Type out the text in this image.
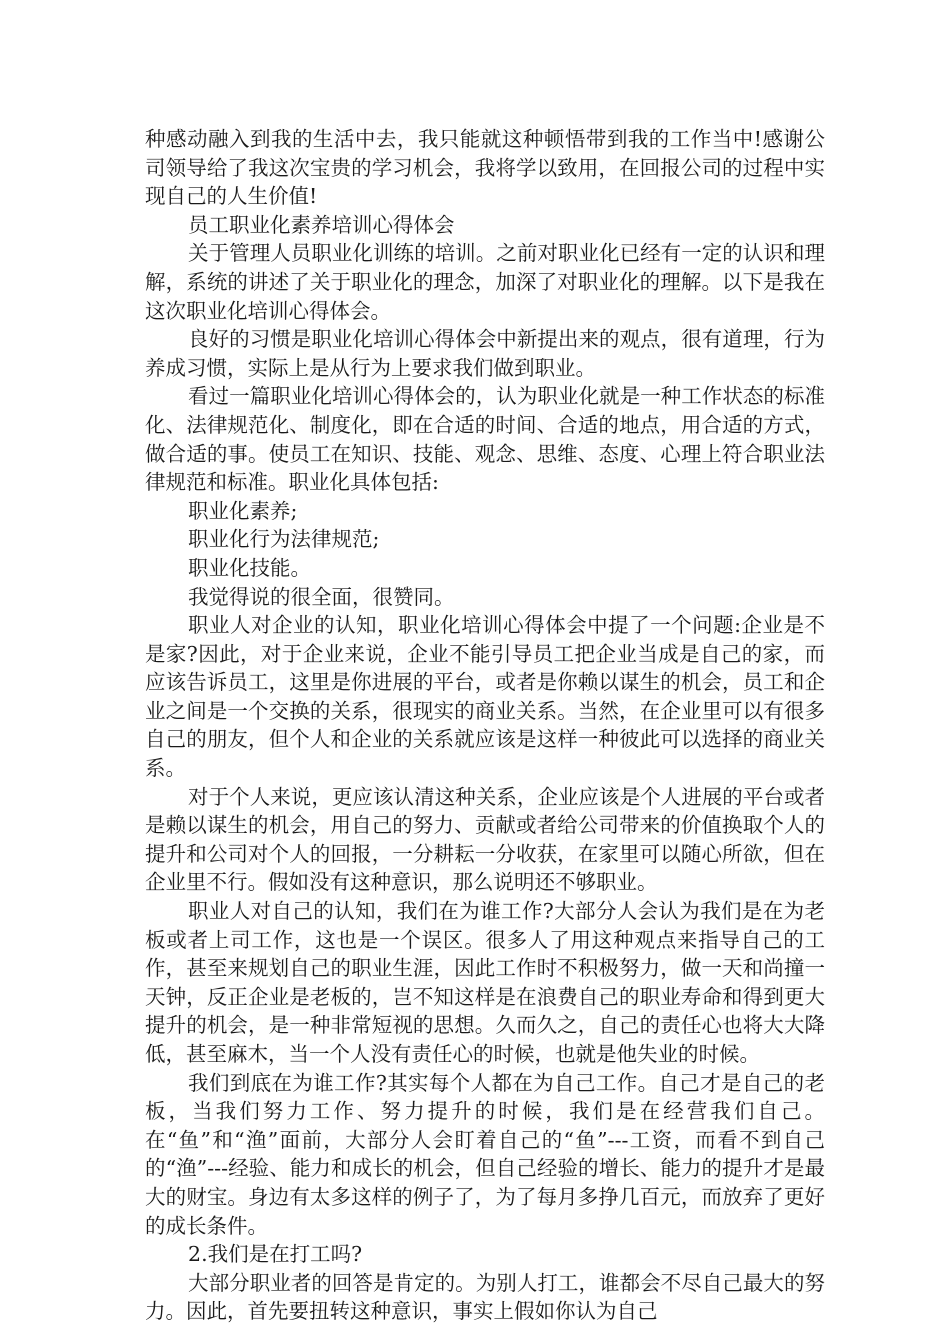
种感动融入到我的生活中去，我只能就这种顿悟带到我的工作当中!感谢公司领导给了我这次宝贵的学习机会，我将学以致用，在回报公司的过程中实现自己的人生价值!

员工职业化素养培训心得体会

关于管理人员职业化训练的培训。之前对职业化已经有一定的认识和理解，系统的讲述了关于职业化的理念，加深了对职业化的理解。以下是我在这次职业化培训心得体会。

良好的习惯是职业化培训心得体会中新提出来的观点，很有道理，行为养成习惯，实际上是从行为上要求我们做到职业。

看过一篇职业化培训心得体会的，认为职业化就是一种工作状态的标准化、法律规范化、制度化，即在合适的时间、合适的地点，用合适的方式，做合适的事。使员工在知识、技能、观念、思维、态度、心理上符合职业法律规范和标准。职业化具体包括:

职业化素养;

职业化行为法律规范;

职业化技能。

我觉得说的很全面，很赞同。

职业人对企业的认知，职业化培训心得体会中提了一个问题:企业是不是家?因此，对于企业来说，企业不能引导员工把企业当成是自己的家，而应该告诉员工，这里是你进展的平台，或者是你赖以谋生的机会，员工和企业之间是一个交换的关系，很现实的商业关系。当然，在企业里可以有很多自己的朋友，但个人和企业的关系就应该是这样一种彼此可以选择的商业关系。

对于个人来说，更应该认清这种关系，企业应该是个人进展的平台或者是赖以谋生的机会，用自己的努力、贡献或者给公司带来的价值换取个人的提升和公司对个人的回报，一分耕耘一分收获，在家里可以随心所欲，但在企业里不行。假如没有这种意识，那么说明还不够职业。

职业人对自己的认知，我们在为谁工作?大部分人会认为我们是在为老板或者上司工作，这也是一个误区。很多人了用这种观点来指导自己的工作，甚至来规划自己的职业生涯，因此工作时不积极努力，做一天和尚撞一天钟，反正企业是老板的，岂不知这样是在浪费自己的职业寿命和得到更大提升的机会，是一种非常短视的思想。久而久之，自己的责任心也将大大降低，甚至麻木，当一个人没有责任心的时候，也就是他失业的时候。

我们到底在为谁工作?其实每个人都在为自己工作。自己才是自己的老板，当我们努力工作、努力提升的时候，我们是在经营我们自己。在“鱼”和“渔”面前，大部分人会盯着自己的“鱼”---工资，而看不到自己的“渔”---经验、能力和成长的机会，但自己经验的增长、能力的提升才是最大的财宝。身边有太多这样的例子了，为了每月多挣几百元，而放弃了更好的成长条件。

2.我们是在打工吗?

大部分职业者的回答是肯定的。为别人打工，谁都会不尽自己最大的努力。因此，首先要扭转这种意识，事实上假如你认为自己
